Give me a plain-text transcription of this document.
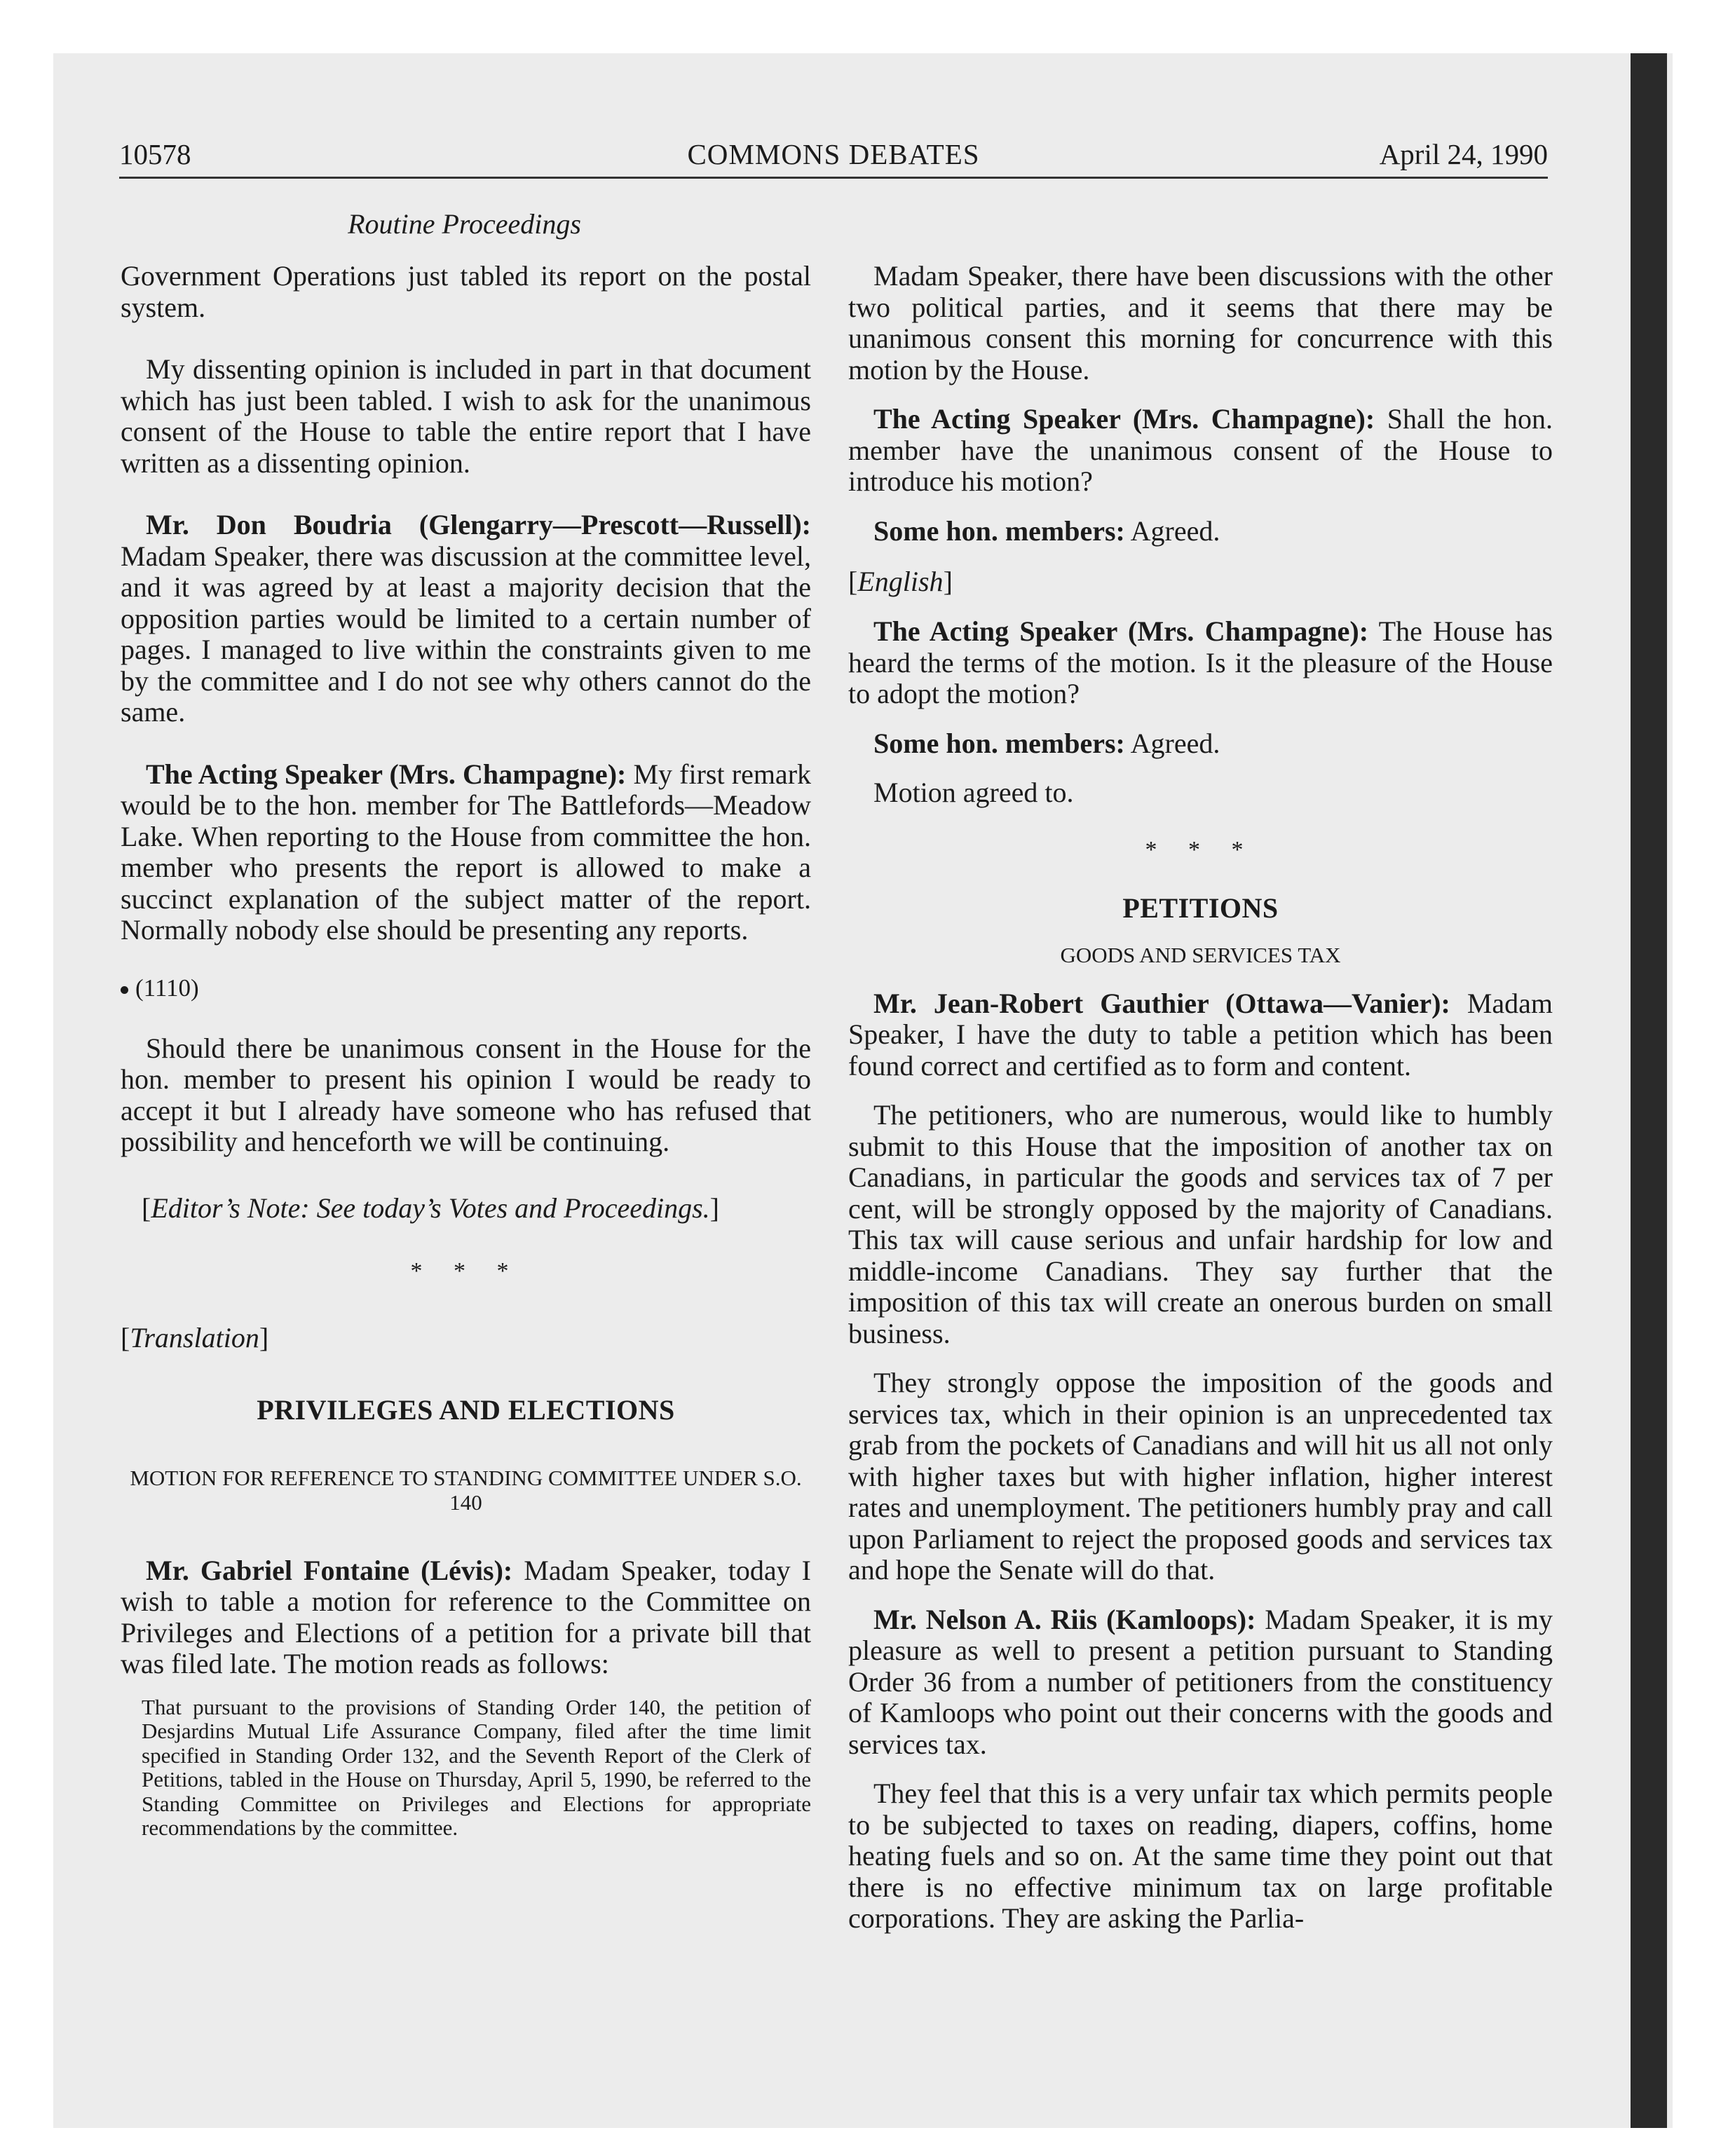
10578	COMMONS DEBATES	April 24, 1990
Routine Proceedings

Government Operations just tabled its report on the postal system.

My dissenting opinion is included in part in that document which has just been tabled. I wish to ask for the unanimous consent of the House to table the entire report that I have written as a dissenting opinion.

Mr. Don Boudria (Glengarry—Prescott—Russell): Madam Speaker, there was discussion at the committee level, and it was agreed by at least a majority decision that the opposition parties would be limited to a certain number of pages. I managed to live within the constraints given to me by the committee and I do not see why others cannot do the same.

The Acting Speaker (Mrs. Champagne): My first remark would be to the hon. member for The Battlefords—Meadow Lake. When reporting to the House from committee the hon. member who presents the report is allowed to make a succinct explanation of the subject matter of the report. Normally nobody else should be presenting any reports.

(1110)

Should there be unanimous consent in the House for the hon. member to present his opinion I would be ready to accept it but I already have someone who has refused that possibility and henceforth we will be continuing.

[Editor’s Note: See today’s Votes and Proceedings.]
* * *
[Translation]
PRIVILEGES AND ELECTIONS
MOTION FOR REFERENCE TO STANDING COMMITTEE UNDER S.O. 140

Mr. Gabriel Fontaine (Lévis): Madam Speaker, today I wish to table a motion for reference to the Committee on Privileges and Elections of a petition for a private bill that was filed late. The motion reads as follows:

That pursuant to the provisions of Standing Order 140, the petition of Desjardins Mutual Life Assurance Company, filed after the time limit specified in Standing Order 132, and the Seventh Report of the Clerk of Petitions, tabled in the House on Thursday, April 5, 1990, be referred to the Standing Committee on Privileges and Elections for appropriate recommendations by the committee.

Madam Speaker, there have been discussions with the other two political parties, and it seems that there may be unanimous consent this morning for concurrence with this motion by the House.

The Acting Speaker (Mrs. Champagne): Shall the hon. member have the unanimous consent of the House to introduce his motion?

Some hon. members: Agreed.

[English]

The Acting Speaker (Mrs. Champagne): The House has heard the terms of the motion. Is it the pleasure of the House to adopt the motion?

Some hon. members: Agreed.

Motion agreed to.

* * *
PETITIONS
GOODS AND SERVICES TAX

Mr. Jean-Robert Gauthier (Ottawa—Vanier): Madam Speaker, I have the duty to table a petition which has been found correct and certified as to form and content.

The petitioners, who are numerous, would like to humbly submit to this House that the imposition of another tax on Canadians, in particular the goods and services tax of 7 per cent, will be strongly opposed by the majority of Canadians. This tax will cause serious and unfair hardship for low and middle-income Canadians. They say further that the imposition of this tax will create an onerous burden on small business.

They strongly oppose the imposition of the goods and services tax, which in their opinion is an unprecedented tax grab from the pockets of Canadians and will hit us all not only with higher taxes but with higher inflation, higher interest rates and unemployment. The petitioners humbly pray and call upon Parliament to reject the proposed goods and services tax and hope the Senate will do that.

Mr. Nelson A. Riis (Kamloops): Madam Speaker, it is my pleasure as well to present a petition pursuant to Standing Order 36 from a number of petitioners from the constituency of Kamloops who point out their concerns with the goods and services tax.

They feel that this is a very unfair tax which permits people to be subjected to taxes on reading, diapers, coffins, home heating fuels and so on. At the same time they point out that there is no effective minimum tax on large profitable corporations. They are asking the Parlia-
